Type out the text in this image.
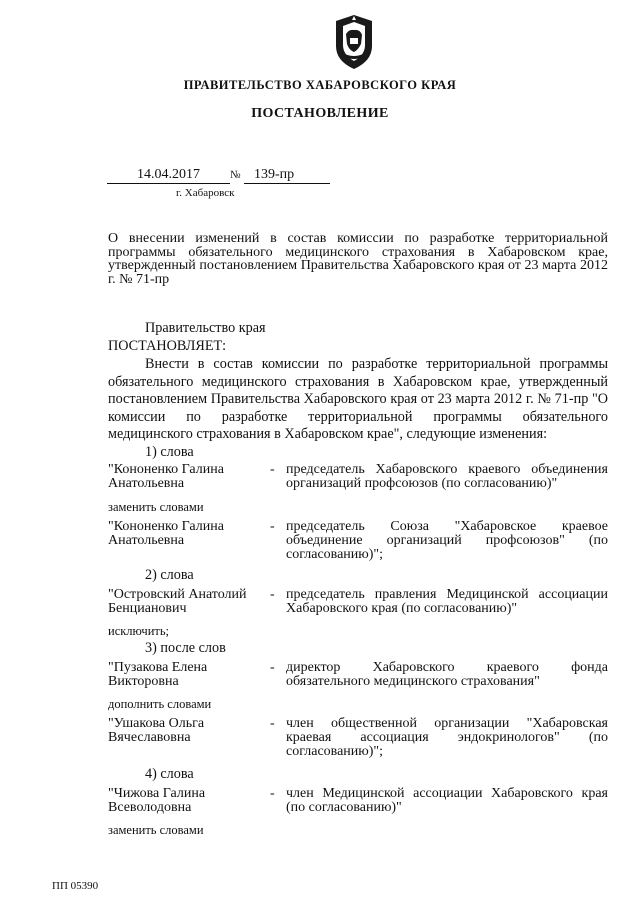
ПРАВИТЕЛЬСТВО ХАБАРОВСКОГО КРАЯ
ПОСТАНОВЛЕНИЕ
14.04.2017	№ 139-пр
г. Хабаровск
О внесении изменений в состав комиссии по разработке территориальной программы обязательного медицинского страхования в Хабаровском крае, утвержденный постановлением Правительства Хабаровского края от 23 марта 2012 г. № 71-пр
Правительство края
ПОСТАНОВЛЯЕТ:
Внести в состав комиссии по разработке территориальной программы обязательного медицинского страхования в Хабаровском крае, утвержденный постановлением Правительства Хабаровского края от 23 марта 2012 г. № 71-пр "О комиссии по разработке территориальной программы обязательного медицинского страхования в Хабаровском крае", следующие изменения:
1) слова
"Кононенко Галина Анатольевна
- председатель Хабаровского краевого объединения организаций профсоюзов (по согласованию)"
заменить словами
"Кононенко Галина Анатольевна
- председатель Союза "Хабаровское краевое объединение организаций профсоюзов" (по согласованию)";
2) слова
"Островский Анатолий Бенцианович
- председатель правления Медицинской ассоциации Хабаровского края (по согласованию)"
исключить;
3) после слов
"Пузакова Елена Викторовна
- директор Хабаровского краевого фонда обязательного медицинского страхования"
дополнить словами
"Ушакова Ольга Вячеславовна
- член общественной организации "Хабаровская краевая ассоциация эндокринологов" (по согласованию)";
4) слова
"Чижова Галина Всеволодовна
- член Медицинской ассоциации Хабаровского края (по согласованию)"
заменить словами
ПП 05390
